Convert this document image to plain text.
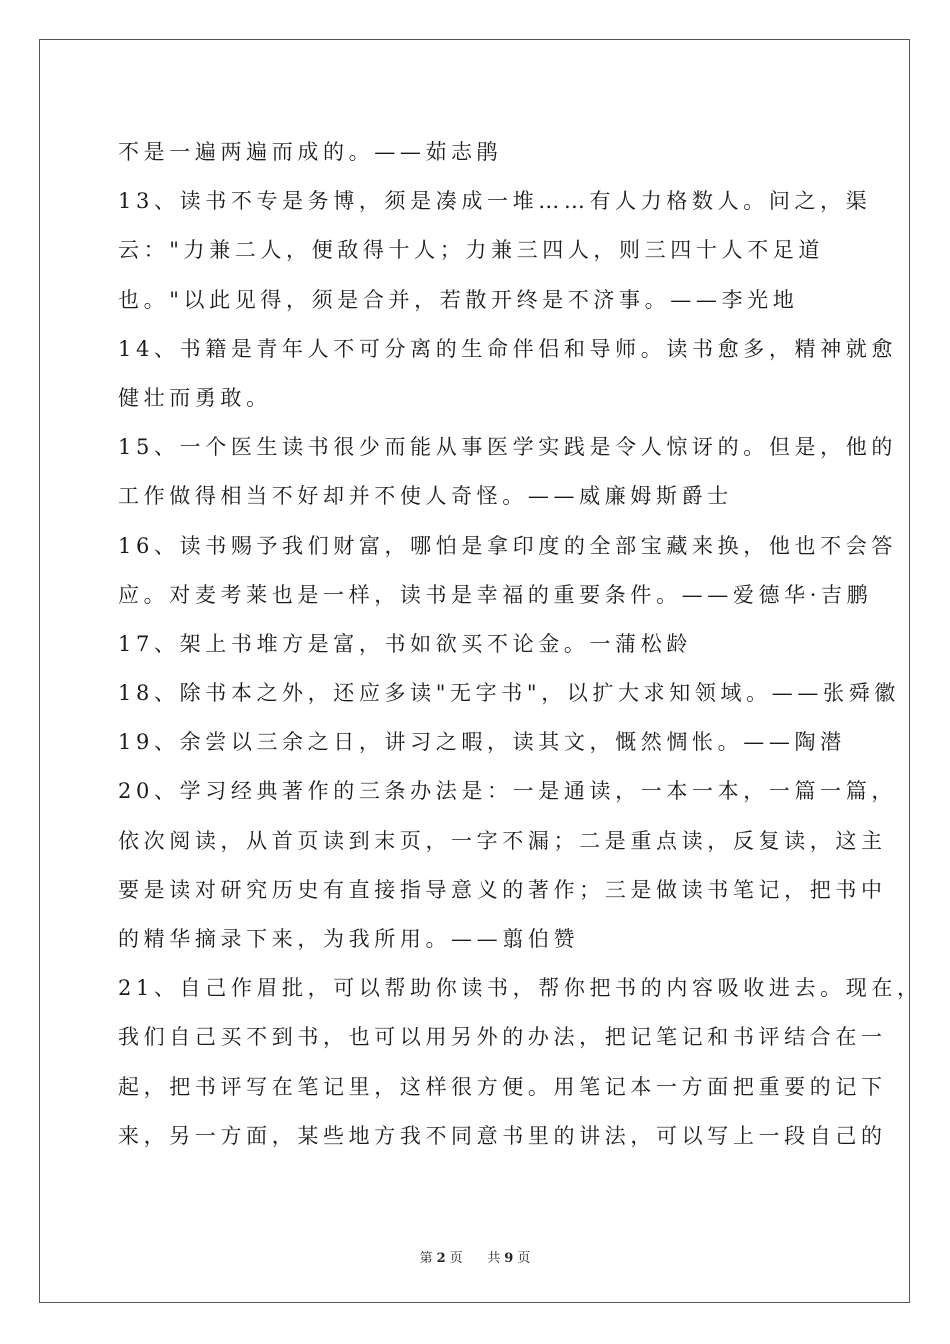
不是一遍两遍而成的。——茹志鹃
13、读书不专是务博，须是凑成一堆……有人力格数人。问之，渠
云："力兼二人，便敌得十人；力兼三四人，则三四十人不足道
也。"以此见得，须是合并，若散开终是不济事。——李光地
14、书籍是青年人不可分离的生命伴侣和导师。读书愈多，精神就愈
健壮而勇敢。
15、一个医生读书很少而能从事医学实践是令人惊讶的。但是，他的
工作做得相当不好却并不使人奇怪。——威廉姆斯爵士
16、读书赐予我们财富，哪怕是拿印度的全部宝藏来换，他也不会答
应。对麦考莱也是一样，读书是幸福的重要条件。——爱德华·吉鹏
17、架上书堆方是富，书如欲买不论金。一蒲松龄
18、除书本之外，还应多读"无字书"，以扩大求知领域。——张舜徽
19、余尝以三余之日，讲习之暇，读其文，慨然惆怅。——陶潜
20、学习经典著作的三条办法是：一是通读，一本一本，一篇一篇，
依次阅读，从首页读到末页，一字不漏；二是重点读，反复读，这主
要是读对研究历史有直接指导意义的著作；三是做读书笔记，把书中
的精华摘录下来，为我所用。——翦伯赞
21、自己作眉批，可以帮助你读书，帮你把书的内容吸收进去。现在，
我们自己买不到书，也可以用另外的办法，把记笔记和书评结合在一
起，把书评写在笔记里，这样很方便。用笔记本一方面把重要的记下
来，另一方面，某些地方我不同意书里的讲法，可以写上一段自己的
第 2 页 共 9 页
